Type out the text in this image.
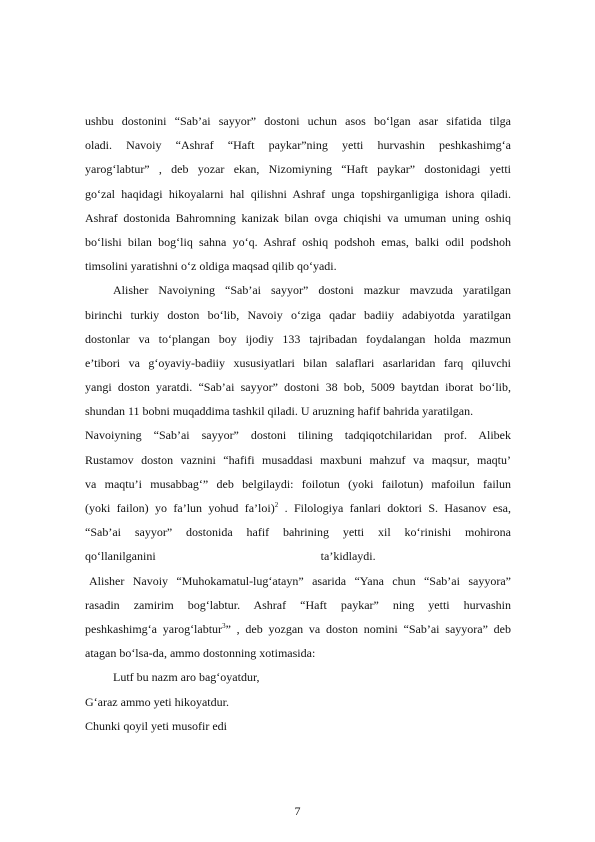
ushbu dostonini “Sab’ai sayyor” dostoni uchun asos bo‘lgan asar sifatida tilga
oladi. Navoiy “Ashraf “Haft paykar”ning yetti hurvashin peshkashimg‘a
yarog‘labtur” , deb yozar ekan, Nizomiyning “Haft paykar” dostonidagi yetti
go‘zal haqidagi hikoyalarni hal qilishni Ashraf unga topshirganligiga ishora qiladi.
Ashraf dostonida Bahromning kanizak bilan ovga chiqishi va umuman uning oshiq
bo‘lishi bilan bog‘liq sahna yo‘q. Ashraf oshiq podshoh emas, balki odil podshoh
timsolini yaratishni o‘z oldiga maqsad qilib qo‘yadi.
Alisher Navoiyning “Sab’ai sayyor” dostoni mazkur mavzuda yaratilgan
birinchi turkiy doston bo‘lib, Navoiy o‘ziga qadar badiiy adabiyotda yaratilgan
dostonlar va to‘plangan boy ijodiy 133 tajribadan foydalangan holda mazmun
e’tibori va g‘oyaviy-badiiy xususiyatlari bilan salaflari asarlaridan farq qiluvchi
yangi doston yaratdi. “Sab’ai sayyor” dostoni 38 bob, 5009 baytdan iborat bo‘lib,
shundan 11 bobni muqaddima tashkil qiladi. U aruzning hafif bahrida yaratilgan.
Navoiyning “Sab’ai sayyor” dostoni tilining tadqiqotchilaridan prof. Alibek
Rustamov doston vaznini “hafifi musaddasi maxbuni mahzuf va maqsur, maqtu’
va maqtu’i musabbag‘” deb belgilaydi: foilotun (yoki failotun) mafoilun failun
(yoki failon) yo fa’lun yohud fa’loi)$^2$ . Filologiya fanlari doktori S. Hasanov esa,
“Sab’ai sayyor” dostonida hafif bahrining yetti xil ko‘rinishi mohirona
qo‘llanilganini	ta’kidlaydi.
Alisher Navoiy “Muhokamatul-lug‘atayn” asarida “Yana chun “Sab’ai sayyora”
rasadin zamirim bog‘labtur. Ashraf “Haft paykar” ning yetti hurvashin
peshkashimg‘a yarog‘labtur$^3$” , deb yozgan va doston nomini “Sab’ai sayyora” deb
atagan bo‘lsa-da, ammo dostonning xotimasida:
Lutf bu nazm aro bag‘oyatdur,
G‘araz ammo yeti hikoyatdur.
Chunki qoyil yeti musofir edi
7
